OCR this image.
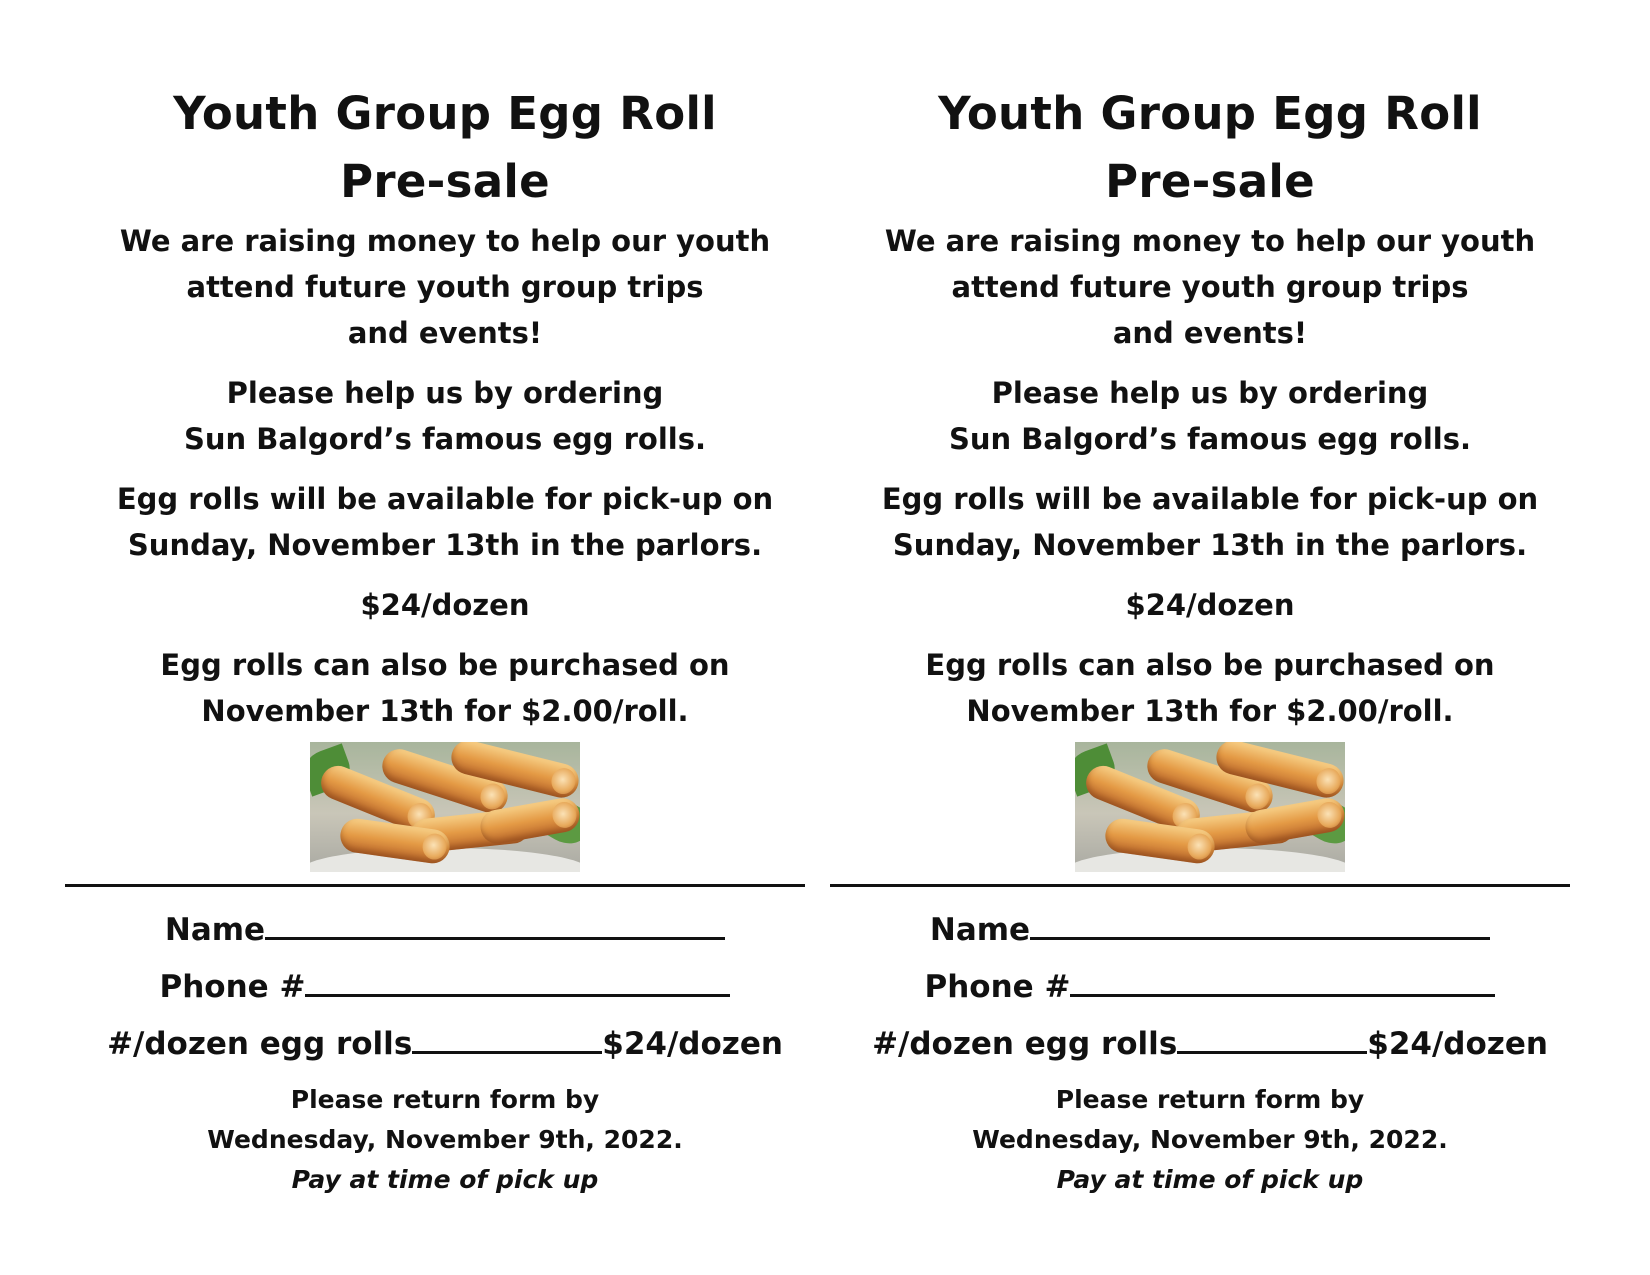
Youth Group Egg Roll
Pre-sale
We are raising money to help our youth
attend future youth group trips
and events!
Please help us by ordering
Sun Balgord’s famous egg rolls.
Egg rolls will be available for pick-up on
Sunday, November 13th in the parlors.
$24/dozen
Egg rolls can also be purchased on
November 13th for $2.00/roll.
Name
Phone #
#/dozen egg rolls	$24/dozen
Please return form by
Wednesday, November 9th, 2022.
Pay at time of pick up
Youth Group Egg Roll
Pre-sale
We are raising money to help our youth
attend future youth group trips
and events!
Please help us by ordering
Sun Balgord’s famous egg rolls.
Egg rolls will be available for pick-up on
Sunday, November 13th in the parlors.
$24/dozen
Egg rolls can also be purchased on
November 13th for $2.00/roll.
Name
Phone #
#/dozen egg rolls	$24/dozen
Please return form by
Wednesday, November 9th, 2022.
Pay at time of pick up
